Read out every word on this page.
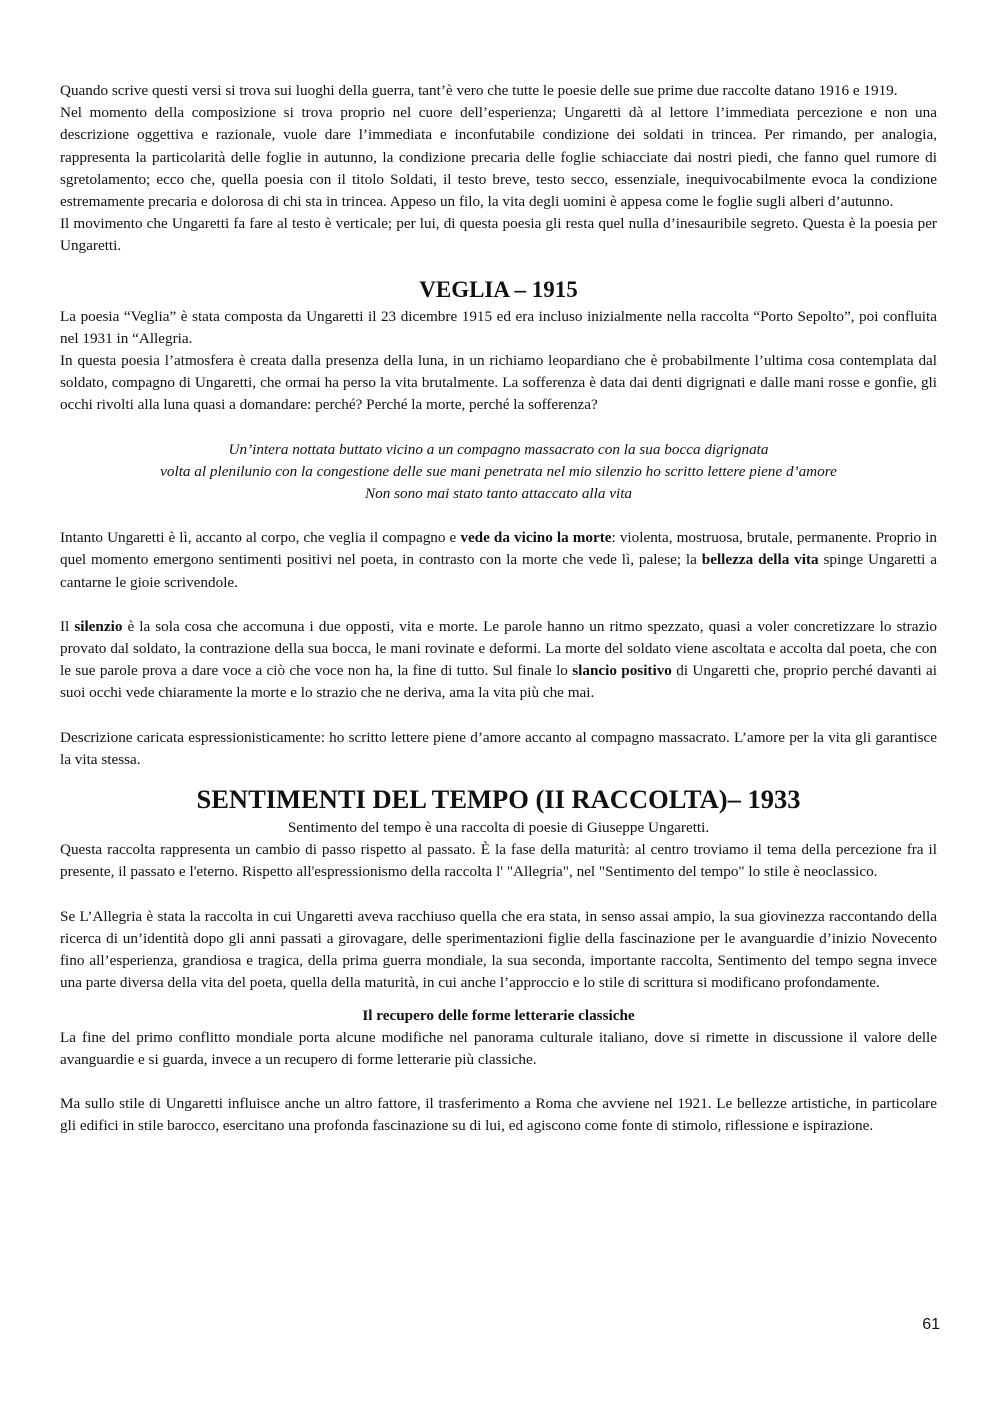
Quando scrive questi versi si trova sui luoghi della guerra, tant’è vero che tutte le poesie delle sue prime due raccolte datano 1916 e 1919.

Nel momento della composizione si trova proprio nel cuore dell’esperienza; Ungaretti dà al lettore l’immediata percezione e non una descrizione oggettiva e razionale, vuole dare l’immediata e inconfutabile condizione dei soldati in trincea. Per rimando, per analogia, rappresenta la particolarità delle foglie in autunno, la condizione precaria delle foglie schiacciate dai nostri piedi, che fanno quel rumore di sgretolamento; ecco che, quella poesia con il titolo Soldati, il testo breve, testo secco, essenziale, inequivocabilmente evoca la condizione estremamente precaria e dolorosa di chi sta in trincea. Appeso un filo, la vita degli uomini è appesa come le foglie sugli alberi d’autunno.

Il movimento che Ungaretti fa fare al testo è verticale; per lui, di questa poesia gli resta quel nulla d’inesauribile segreto. Questa è la poesia per Ungaretti.

VEGLIA – 1915

La poesia “Veglia” è stata composta da Ungaretti il 23 dicembre 1915 ed era incluso inizialmente nella raccolta “Porto Sepolto”, poi confluita nel 1931 in “Allegria.

In questa poesia l’atmosfera è creata dalla presenza della luna, in un richiamo leopardiano che è probabilmente l’ultima cosa contemplata dal soldato, compagno di Ungaretti, che ormai ha perso la vita brutalmente. La sofferenza è data dai denti digrignati e dalle mani rosse e gonfie, gli occhi rivolti alla luna quasi a domandare: perché? Perché la morte, perché la sofferenza?

Un’intera nottata buttato vicino a un compagno massacrato con la sua bocca digrignata

volta al plenilunio con la congestione delle sue mani penetrata nel mio silenzio ho scritto lettere piene d’amore

Non sono mai stato tanto attaccato alla vita

Intanto Ungaretti è lì, accanto al corpo, che veglia il compagno e vede da vicino la morte: violenta, mostruosa, brutale, permanente. Proprio in quel momento emergono sentimenti positivi nel poeta, in contrasto con la morte che vede lì, palese; la bellezza della vita spinge Ungaretti a cantarne le gioie scrivendole.

Il silenzio è la sola cosa che accomuna i due opposti, vita e morte. Le parole hanno un ritmo spezzato, quasi a voler concretizzare lo strazio provato dal soldato, la contrazione della sua bocca, le mani rovinate e deformi. La morte del soldato viene ascoltata e accolta dal poeta, che con le sue parole prova a dare voce a ciò che voce non ha, la fine di tutto. Sul finale lo slancio positivo di Ungaretti che, proprio perché davanti ai suoi occhi vede chiaramente la morte e lo strazio che ne deriva, ama la vita più che mai.

Descrizione caricata espressionisticamente: ho scritto lettere piene d’amore accanto al compagno massacrato. L’amore per la vita gli garantisce la vita stessa.

SENTIMENTI DEL TEMPO (II RACCOLTA)– 1933

Sentimento del tempo è una raccolta di poesie di Giuseppe Ungaretti.

Questa raccolta rappresenta un cambio di passo rispetto al passato. È la fase della maturità: al centro troviamo il tema della percezione fra il presente, il passato e l'eterno. Rispetto all'espressionismo della raccolta l' "Allegria", nel "Sentimento del tempo" lo stile è neoclassico.

Se L’Allegria è stata la raccolta in cui Ungaretti aveva racchiuso quella che era stata, in senso assai ampio, la sua giovinezza raccontando della ricerca di un’identità dopo gli anni passati a girovagare, delle sperimentazioni figlie della fascinazione per le avanguardie d’inizio Novecento fino all’esperienza, grandiosa e tragica, della prima guerra mondiale, la sua seconda, importante raccolta, Sentimento del tempo segna invece una parte diversa della vita del poeta, quella della maturità, in cui anche l’approccio e lo stile di scrittura si modificano profondamente.

Il recupero delle forme letterarie classiche

La fine del primo conflitto mondiale porta alcune modifiche nel panorama culturale italiano, dove si rimette in discussione il valore delle avanguardie e si guarda, invece a un recupero di forme letterarie più classiche.

Ma sullo stile di Ungaretti influisce anche un altro fattore, il trasferimento a Roma che avviene nel 1921. Le bellezze artistiche, in particolare gli edifici in stile barocco, esercitano una profonda fascinazione su di lui, ed agiscono come fonte di stimolo, riflessione e ispirazione.

61
